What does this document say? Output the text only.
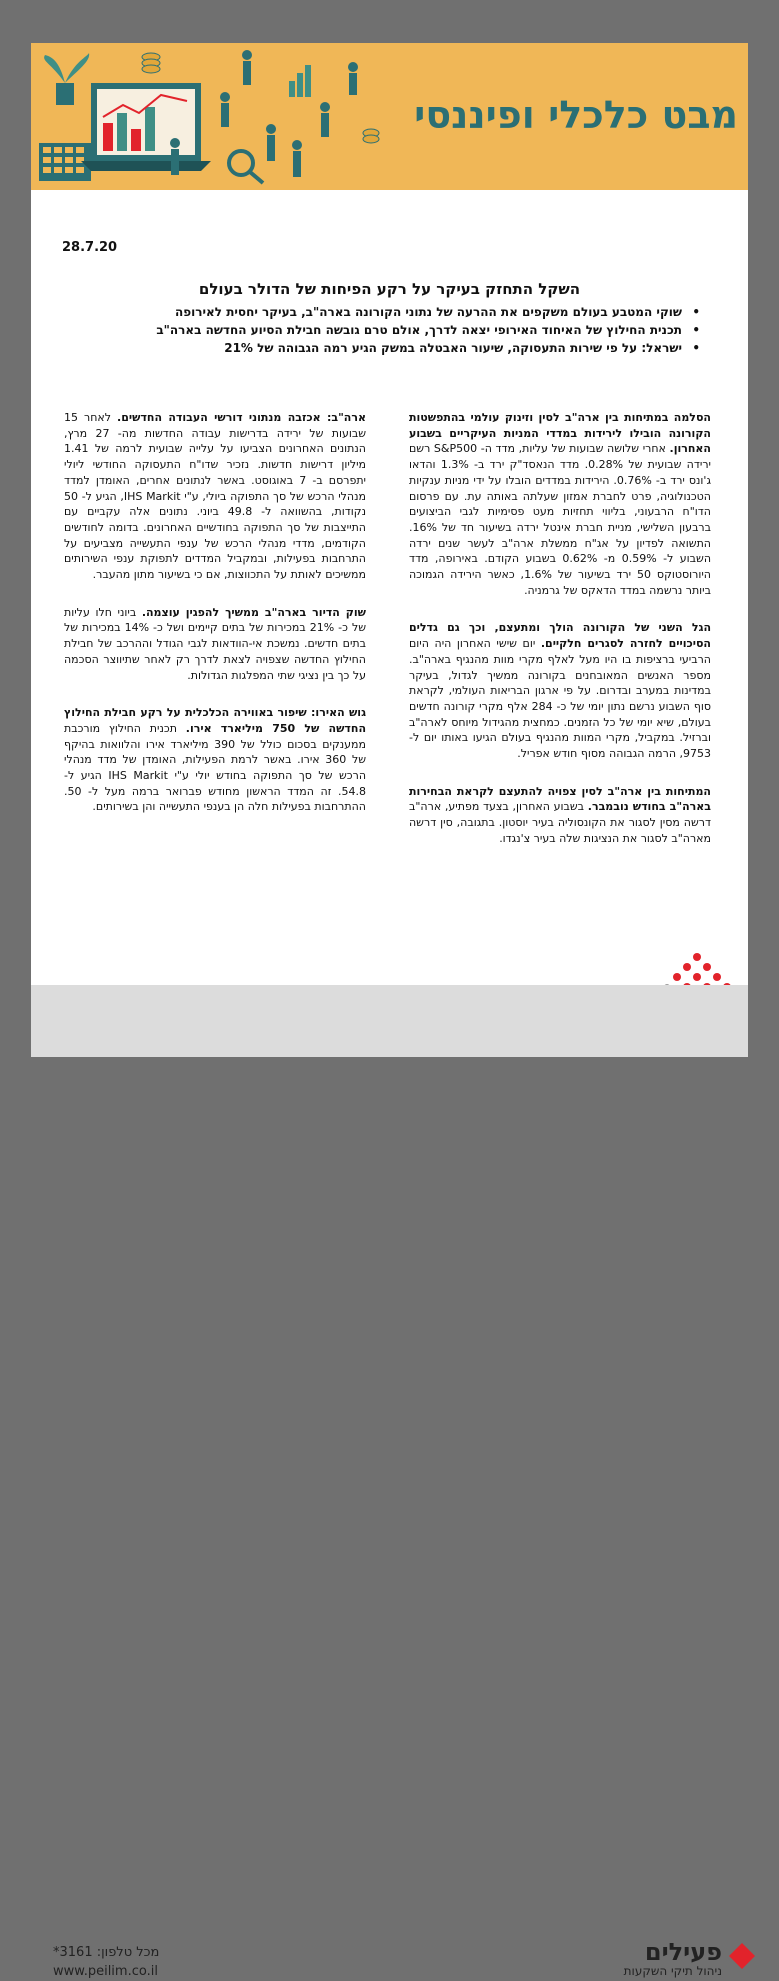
מבט כלכלי ופיננסי
28.7.20
השקל התחזק בעיקר על רקע הפיחות של הדולר בעולם
• שוקי המטבע בעולם משקפים את ההרעה של נתוני הקורונה בארה"ב, בעיקר יחסית לאירופה
• תכנית החילוץ של האיחוד האירופי יצאה לדרך, אולם טרם גובשה חבילת הסיוע החדשה בארה"ב
• ישראל: על פי שירות התעסוקה, שיעור האבטלה במשק הגיע רמה הגבוהה של 21%

הסלמה במתיחות בין ארה"ב לסין וזינוק עולמי בהתפשטות הקורונה הובילו לירידות במדדי המניות העיקריים בשבוע האחרון. אחרי שלושה שבועות של עליות, מדד ה- S&P500 רשם ירידה שבועית של 0.28%. מדד הנאסד"ק ירד ב- 1.3% והדאו ג'ונס ירד ב- 0.76%. הירידות במדדים הובלו על ידי מניות ענקיות הטכנולוגיה, פרט לחברת אמזון שעלתה באותה עת. עם פרסום הדו"ח הרבעוני, בליווי תחזיות מעט פסימיות לגבי הביצועים ברבעון השלישי, מניית חברת אינטל ירדה בשיעור חד של 16%. התשואה לפדיון על אג"ח ממשלת ארה"ב לעשר שנים ירדה השבוע ל- 0.59% מ- 0.62% בשבוע הקודם. באירופה, מדד היורוסטוקס 50 ירד בשיעור של 1.6%, כאשר הירידה הגמוכה ביותר נרשמה במדד הדאקס של גרמניה.

הגל השני של הקורונה הולך ומתעצם, וכך גם גדלים הסיכויים לחזרה לסגרים חלקיים. יום שישי האחרון היה היום הרביעי ברציפות בו היו מעל לאלף מקרי מוות מהנגיף בארה"ב. מספר האנשים המאובחנים בקורונה ממשיך לגדול, בעיקר במדינות במערב ובדרום. על פי ארגון הבריאות העולמי, לקראת סוף השבוע נרשם נתון יומי של כ- 284 אלף מקרי קורונה חדשים בעולם, שיא יומי של כל הזמנים. כמחצית מהגידול מיוחס לארה"ב וברזיל. במקביל, מקרי המוות מהנגיף בעולם הגיעו באותו יום ל- 9753, הרמה הגבוהה מסוף חודש אפריל.

המתיחות בין ארה"ב לסין צפויה להתעצם לקראת הבחירות בארה"ב בחודש נובמבר. בשבוע האחרון, בצעד מפתיע, ארה"ב דרשה מסין לסגור את הקונסוליה בעיר יוסטון. בתגובה, סין דרשה מארה"ב לסגור את הנציגות שלה בעיר צ'נגדו.

ארה"ב: אכזבה מנתוני דורשי העבודה החדשים. לאחר 15 שבועות של ירידה בדרישות עבודה החדשות מה- 27 מרץ, הנתונים האחרונים הצביעו על עלייה שבועית לרמה של 1.41 מיליון דרישות חדשות. נזכיר שדו"ח התעסוקה החודשי ליולי יתפרסם ב- 7 באוגוסט. באשר לנתונים אחרים, האומדן למדד מנהלי הרכש של סך התפוקה ביולי, ע"י IHS Markit, הגיע ל- 50 נקודות, בהשוואה ל- 49.8 ביוני. נתונים אלה עקביים עם התייצבות של סך התפוקה בחודשיים האחרונים. בדומה לחודשים הקודמים, מדדי מנהלי הרכש של ענפי התעשייה מצביעים על התרחבות בפעילות, ובמקביל המדדים לתפוקת ענפי השירותים ממשיכים לאותת על התכווצות, אם כי בשיעור מתון מהעבר.

שוק הדיור בארה"ב ממשיך להפגין עוצמה. ביוני חלו עליות של כ- 21% במכירות של בתים קיימים ושל כ- 14% במכירות של בתים חדשים. נמשכת אי-הוודאות לגבי הגודל וההרכב של חבילת החילוץ החדשה שצפויה לצאת לדרך רק לאחר שתיווצר הסכמה על כך בין נציגי שתי המפלגות הגדולות.

גוש האירו: שיפור באווירה הכלכלית על רקע חבילת החילוץ החדשה של 750 מיליארד אירו. תכנית החילוץ מורכבת ממענקים בסכום כולל של 390 מיליארד אירו והלוואות בהיקף של 360 אירו. באשר לרמת הפעילות, האומדן של מדד מנהלי הרכש של סך התפוקה בחודש יולי ע"י IHS Markit הגיע ל- 54.8. זה המדד הראשון מחודש פברואר ברמה מעל ל- 50. ההתרחבות בפעילות חלה הן בענפי התעשייה והן בשירותים.

מכל טלפון: 3161*
www.peilim.co.il
פעילים
ניהול תיקי השקעות
